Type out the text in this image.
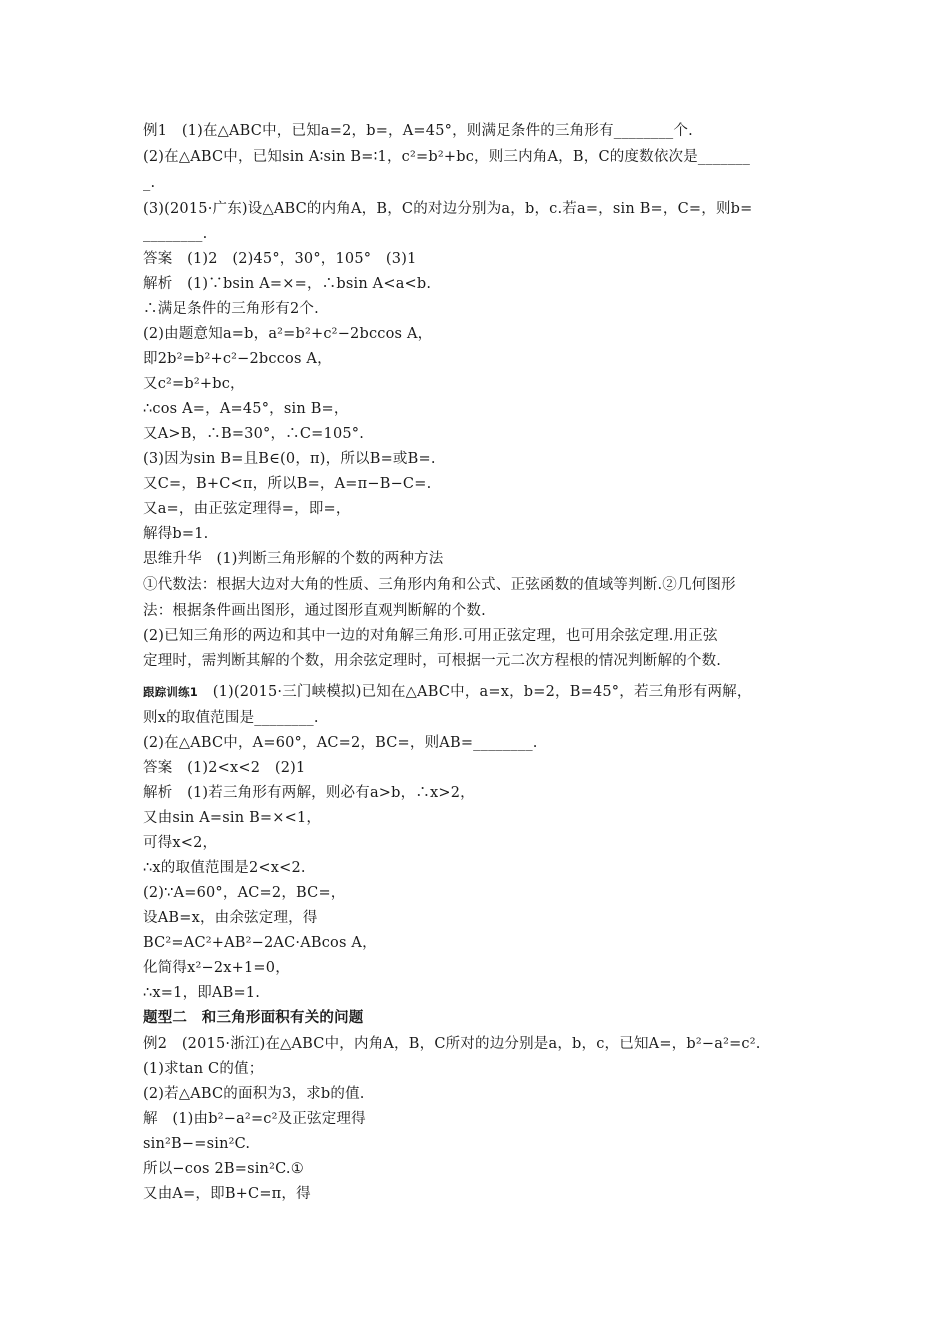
例1　(1)在△ABC中，已知a=2，b=，A=45°，则满足条件的三角形有________个.
(2)在△ABC中，已知sin A∶sin B=∶1，c²=b²+bc，则三内角A，B，C的度数依次是_______
_.
(3)(2015·广东)设△ABC的内角A，B，C的对边分别为a，b，c.若a=，sin B=，C=，则b=
________.
答案　(1)2　(2)45°，30°，105°　(3)1
解析　(1)∵bsin A=×=，∴bsin A<a<b.
∴满足条件的三角形有2个.
(2)由题意知a=b，a²=b²+c²−2bccos A，
即2b²=b²+c²−2bccos A，
又c²=b²+bc，
∴cos A=，A=45°，sin B=，
又A>B，∴B=30°，∴C=105°.
(3)因为sin B=且B∈(0，π)，所以B=或B=.
又C=，B+C<π，所以B=，A=π−B−C=.
又a=，由正弦定理得=，即=，
解得b=1.
思维升华　(1)判断三角形解的个数的两种方法
①代数法：根据大边对大角的性质、三角形内角和公式、正弦函数的值域等判断.②几何图形
法：根据条件画出图形，通过图形直观判断解的个数.
(2)已知三角形的两边和其中一边的对角解三角形.可用正弦定理，也可用余弦定理.用正弦
定理时，需判断其解的个数，用余弦定理时，可根据一元二次方程根的情况判断解的个数.
跟踪训练1　 (1)(2015·三门峡模拟)已知在△ABC中，a=x，b=2，B=45°，若三角形有两解，
则x的取值范围是________.
(2)在△ABC中，A=60°，AC=2，BC=，则AB=________.
答案　(1)2<x<2　(2)1
解析　(1)若三角形有两解，则必有a>b，∴x>2，
又由sin A=sin B=×<1，
可得x<2，
∴x的取值范围是2<x<2.
(2)∵A=60°，AC=2，BC=，
设AB=x，由余弦定理，得
BC²=AC²+AB²−2AC·ABcos A，
化简得x²−2x+1=0，
∴x=1，即AB=1.
题型二　和三角形面积有关的问题
例2　(2015·浙江)在△ABC中，内角A，B，C所对的边分别是a，b，c，已知A=，b²−a²=c².
(1)求tan C的值；
(2)若△ABC的面积为3，求b的值.
解　(1)由b²−a²=c²及正弦定理得
sin²B−=sin²C.
所以−cos 2B=sin²C.①
又由A=，即B+C=π，得
